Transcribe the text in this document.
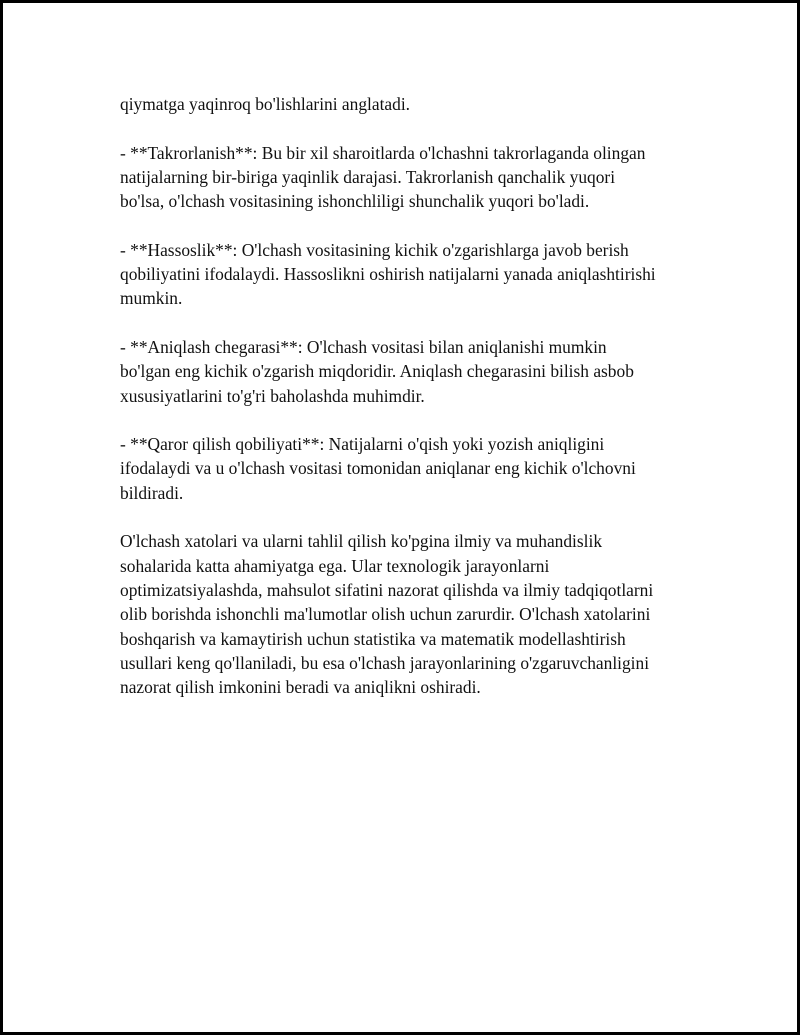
qiymatga yaqinroq bo'lishlarini anglatadi.

- **Takrorlanish**: Bu bir xil sharoitlarda o'lchashni takrorlaganda olingan
natijalarning bir-biriga yaqinlik darajasi. Takrorlanish qanchalik yuqori
bo'lsa, o'lchash vositasining ishonchliligi shunchalik yuqori bo'ladi.

- **Hassoslik**: O'lchash vositasining kichik o'zgarishlarga javob berish
qobiliyatini ifodalaydi. Hassoslikni oshirish natijalarni yanada aniqlashtirishi
mumkin.

- **Aniqlash chegarasi**: O'lchash vositasi bilan aniqlanishi mumkin
bo'lgan eng kichik o'zgarish miqdoridir. Aniqlash chegarasini bilish asbob
xususiyatlarini to'g'ri baholashda muhimdir.

- **Qaror qilish qobiliyati**: Natijalarni o'qish yoki yozish aniqligini
ifodalaydi va u o'lchash vositasi tomonidan aniqlanar eng kichik o'lchovni
bildiradi.

O'lchash xatolari va ularni tahlil qilish ko'pgina ilmiy va muhandislik
sohalarida katta ahamiyatga ega. Ular texnologik jarayonlarni
optimizatsiyalashda, mahsulot sifatini nazorat qilishda va ilmiy tadqiqotlarni
olib borishda ishonchli ma'lumotlar olish uchun zarurdir. O'lchash xatolarini
boshqarish va kamaytirish uchun statistika va matematik modellashtirish
usullari keng qo'llaniladi, bu esa o'lchash jarayonlarining o'zgaruvchanligini
nazorat qilish imkonini beradi va aniqlikni oshiradi.
